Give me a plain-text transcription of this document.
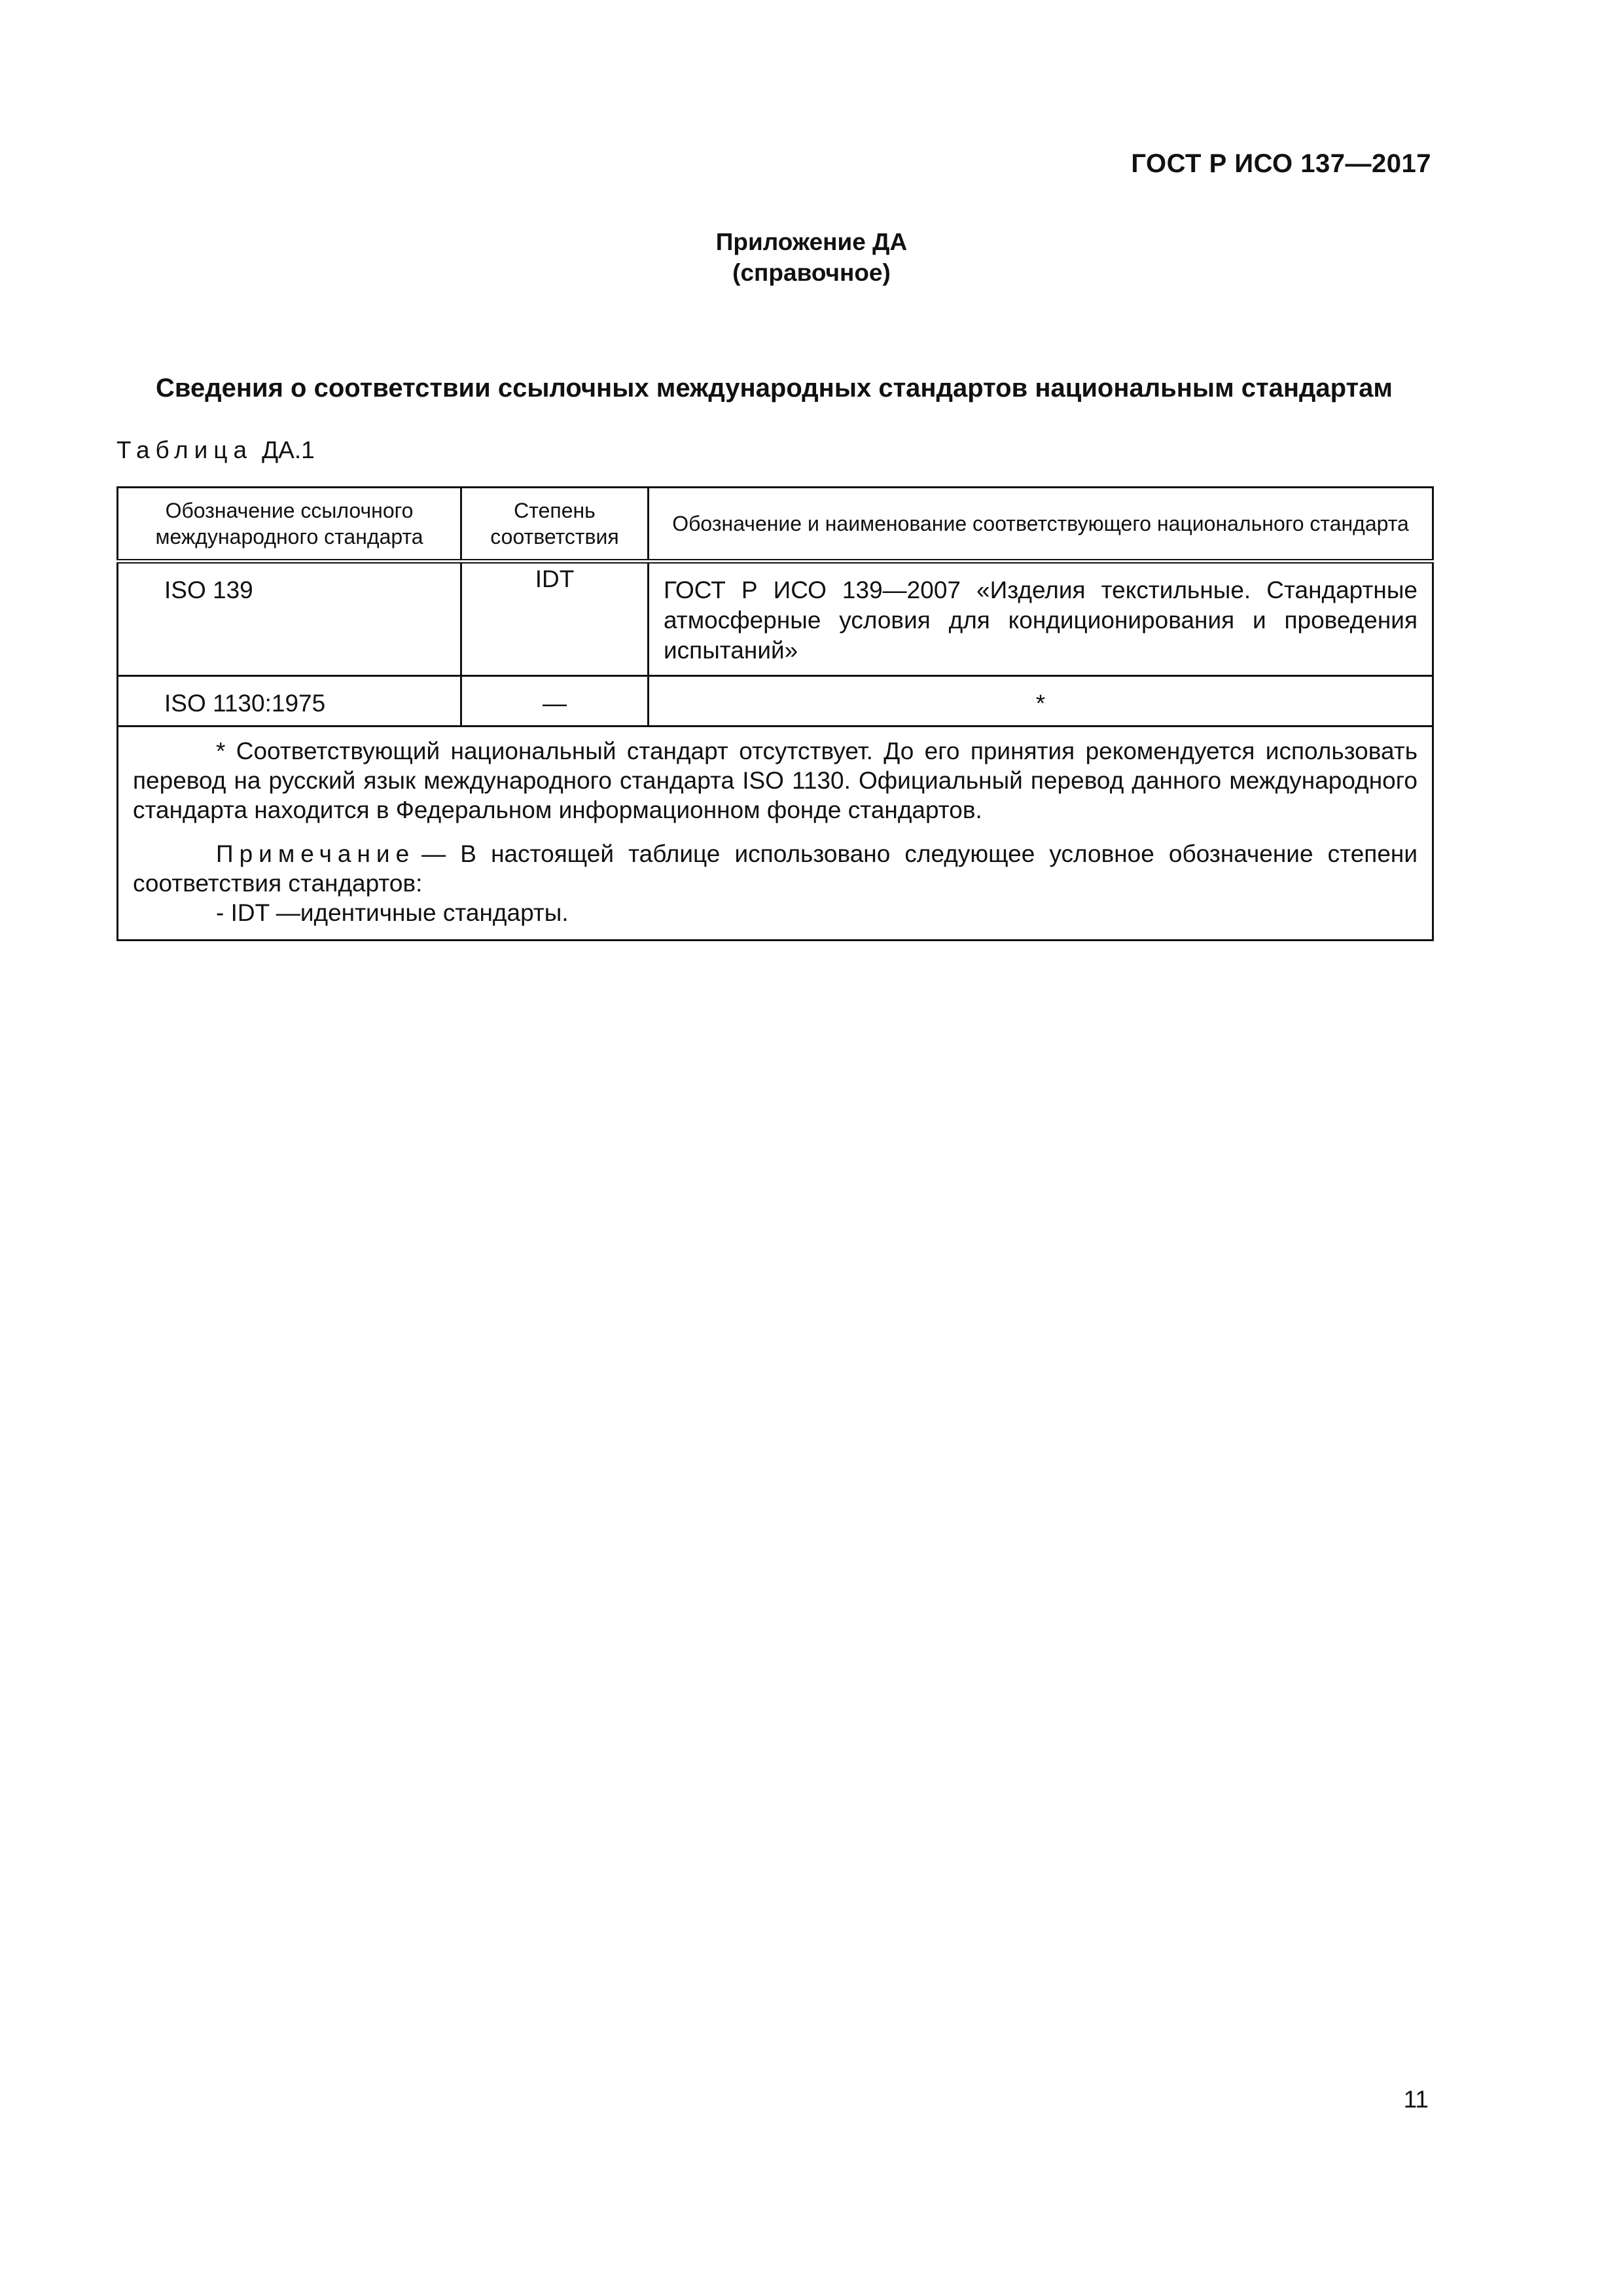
ГОСТ Р ИСО 137—2017
Приложение ДА
(справочное)
Сведения о соответствии ссылочных международных стандартов национальным стандартам
Таблица ДА.1
Обозначение ссылочного международного стандарта	Степень соответствия	Обозначение и наименование соответствующего национального стандарта
ISO 139	IDT	ГОСТ Р ИСО 139—2007 «Изделия текстильные. Стандартные атмосферные условия для кондиционирования и проведения испытаний»
ISO 1130:1975	—	*

* Соответствующий национальный стандарт отсутствует. До его принятия рекомендуется использовать перевод на русский язык международного стандарта ISO 1130. Официальный перевод данного международного стандарта находится в Федеральном информационном фонде стандартов.

Примечание — В настоящей таблице использовано следующее условное обозначение степени соответствия стандартов:

- IDT —идентичные стандарты.		

11
